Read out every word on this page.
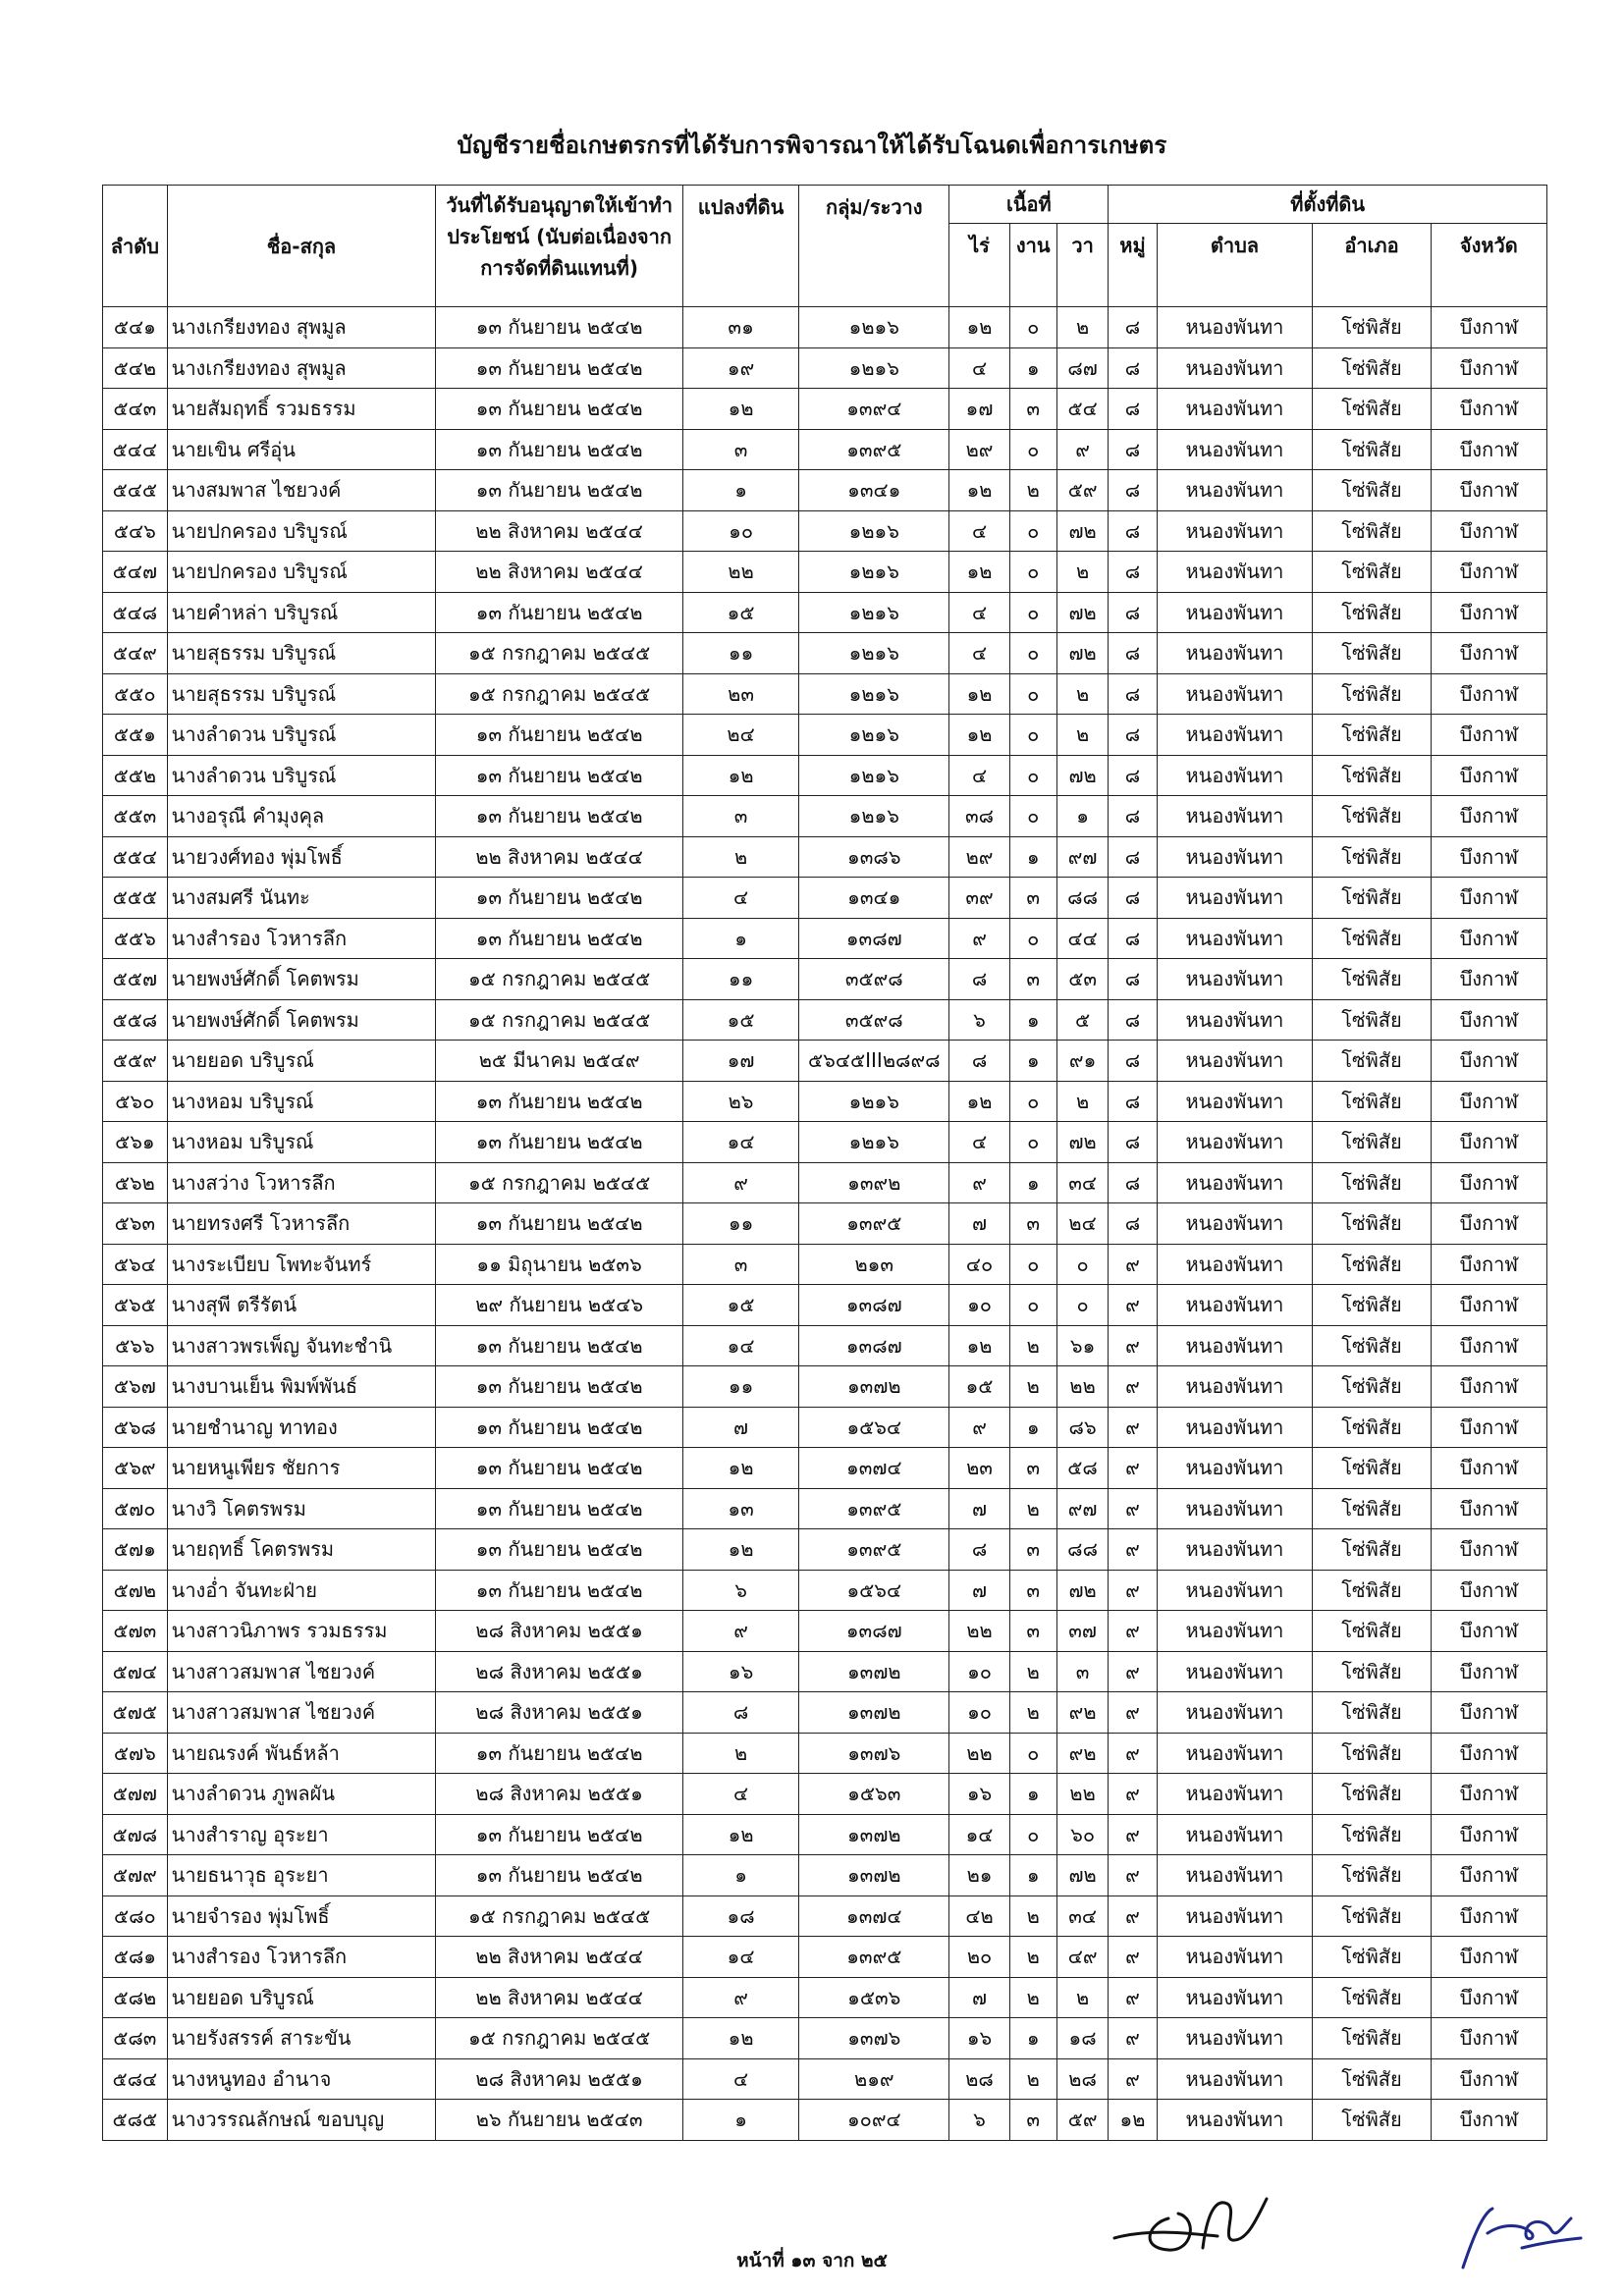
บัญชีรายชื่อเกษตรกรที่ได้รับการพิจารณาให้ได้รับโฉนดเพื่อการเกษตร
ลำดับ	ชื่อ-สกุล	วันที่ได้รับอนุญาตให้เข้าทำประโยชน์ (นับต่อเนื่องจากการจัดที่ดินแทนที่)	แปลงที่ดิน	กลุ่ม/ระวาง	เนื้อที่			ที่ตั้งที่ดิน			
					ไร่	งาน	วา	หมู่	ตำบล	อำเภอ	จังหวัด
๕๔๑	นางเกรียงทอง สุพมูล	๑๓ กันยายน ๒๕๔๒	๓๑	๑๒๑๖	๑๒	๐	๒	๘	หนองพันทา	โซ่พิสัย	บึงกาฬ
๕๔๒	นางเกรียงทอง สุพมูล	๑๓ กันยายน ๒๕๔๒	๑๙	๑๒๑๖	๔	๑	๘๗	๘	หนองพันทา	โซ่พิสัย	บึงกาฬ
๕๔๓	นายสัมฤทธิ์ รวมธรรม	๑๓ กันยายน ๒๕๔๒	๑๒	๑๓๙๔	๑๗	๓	๕๔	๘	หนองพันทา	โซ่พิสัย	บึงกาฬ
๕๔๔	นายเขิน ศรีอุ่น	๑๓ กันยายน ๒๕๔๒	๓	๑๓๙๕	๒๙	๐	๙	๘	หนองพันทา	โซ่พิสัย	บึงกาฬ
๕๔๕	นางสมพาส ไชยวงค์	๑๓ กันยายน ๒๕๔๒	๑	๑๓๔๑	๑๒	๒	๕๙	๘	หนองพันทา	โซ่พิสัย	บึงกาฬ
๕๔๖	นายปกครอง บริบูรณ์	๒๒ สิงหาคม ๒๕๔๔	๑๐	๑๒๑๖	๔	๐	๗๒	๘	หนองพันทา	โซ่พิสัย	บึงกาฬ
๕๔๗	นายปกครอง บริบูรณ์	๒๒ สิงหาคม ๒๕๔๔	๒๒	๑๒๑๖	๑๒	๐	๒	๘	หนองพันทา	โซ่พิสัย	บึงกาฬ
๕๔๘	นายคำหล่า บริบูรณ์	๑๓ กันยายน ๒๕๔๒	๑๕	๑๒๑๖	๔	๐	๗๒	๘	หนองพันทา	โซ่พิสัย	บึงกาฬ
๕๔๙	นายสุธรรม บริบูรณ์	๑๕ กรกฎาคม ๒๕๔๕	๑๑	๑๒๑๖	๔	๐	๗๒	๘	หนองพันทา	โซ่พิสัย	บึงกาฬ
๕๕๐	นายสุธรรม บริบูรณ์	๑๕ กรกฎาคม ๒๕๔๕	๒๓	๑๒๑๖	๑๒	๐	๒	๘	หนองพันทา	โซ่พิสัย	บึงกาฬ
๕๕๑	นางลำดวน บริบูรณ์	๑๓ กันยายน ๒๕๔๒	๒๔	๑๒๑๖	๑๒	๐	๒	๘	หนองพันทา	โซ่พิสัย	บึงกาฬ
๕๕๒	นางลำดวน บริบูรณ์	๑๓ กันยายน ๒๕๔๒	๑๒	๑๒๑๖	๔	๐	๗๒	๘	หนองพันทา	โซ่พิสัย	บึงกาฬ
๕๕๓	นางอรุณี คำมุงคุล	๑๓ กันยายน ๒๕๔๒	๓	๑๒๑๖	๓๘	๐	๑	๘	หนองพันทา	โซ่พิสัย	บึงกาฬ
๕๕๔	นายวงศ์ทอง พุ่มโพธิ์	๒๒ สิงหาคม ๒๕๔๔	๒	๑๓๘๖	๒๙	๑	๙๗	๘	หนองพันทา	โซ่พิสัย	บึงกาฬ
๕๕๕	นางสมศรี นันทะ	๑๓ กันยายน ๒๕๔๒	๔	๑๓๔๑	๓๙	๓	๘๘	๘	หนองพันทา	โซ่พิสัย	บึงกาฬ
๕๕๖	นางสำรอง โวหารลึก	๑๓ กันยายน ๒๕๔๒	๑	๑๓๘๗	๙	๐	๔๔	๘	หนองพันทา	โซ่พิสัย	บึงกาฬ
๕๕๗	นายพงษ์ศักดิ์ โคตพรม	๑๕ กรกฎาคม ๒๕๔๕	๑๑	๓๕๙๘	๘	๓	๕๓	๘	หนองพันทา	โซ่พิสัย	บึงกาฬ
๕๕๘	นายพงษ์ศักดิ์ โคตพรม	๑๕ กรกฎาคม ๒๕๔๕	๑๕	๓๕๙๘	๖	๑	๕	๘	หนองพันทา	โซ่พิสัย	บึงกาฬ
๕๕๙	นายยอด บริบูรณ์	๒๕ มีนาคม ๒๕๔๙	๑๗	๕๖๔๕III๒๘๙๘	๘	๑	๙๑	๘	หนองพันทา	โซ่พิสัย	บึงกาฬ
๕๖๐	นางหอม บริบูรณ์	๑๓ กันยายน ๒๕๔๒	๒๖	๑๒๑๖	๑๒	๐	๒	๘	หนองพันทา	โซ่พิสัย	บึงกาฬ
๕๖๑	นางหอม บริบูรณ์	๑๓ กันยายน ๒๕๔๒	๑๔	๑๒๑๖	๔	๐	๗๒	๘	หนองพันทา	โซ่พิสัย	บึงกาฬ
๕๖๒	นางสว่าง โวหารลึก	๑๕ กรกฎาคม ๒๕๔๕	๙	๑๓๙๒	๙	๑	๓๔	๘	หนองพันทา	โซ่พิสัย	บึงกาฬ
๕๖๓	นายทรงศรี โวหารลึก	๑๓ กันยายน ๒๕๔๒	๑๑	๑๓๙๕	๗	๓	๒๔	๘	หนองพันทา	โซ่พิสัย	บึงกาฬ
๕๖๔	นางระเบียบ โพทะจันทร์	๑๑ มิถุนายน ๒๕๓๖	๓	๒๑๓	๔๐	๐	๐	๙	หนองพันทา	โซ่พิสัย	บึงกาฬ
๕๖๕	นางสุพี ตรีรัตน์	๒๙ กันยายน ๒๕๔๖	๑๕	๑๓๘๗	๑๐	๐	๐	๙	หนองพันทา	โซ่พิสัย	บึงกาฬ
๕๖๖	นางสาวพรเพ็ญ จันทะชำนิ	๑๓ กันยายน ๒๕๔๒	๑๔	๑๓๘๗	๑๒	๒	๖๑	๙	หนองพันทา	โซ่พิสัย	บึงกาฬ
๕๖๗	นางบานเย็น พิมพ์พันธ์	๑๓ กันยายน ๒๕๔๒	๑๑	๑๓๗๒	๑๕	๒	๒๒	๙	หนองพันทา	โซ่พิสัย	บึงกาฬ
๕๖๘	นายชำนาญ ทาทอง	๑๓ กันยายน ๒๕๔๒	๗	๑๕๖๔	๙	๑	๘๖	๙	หนองพันทา	โซ่พิสัย	บึงกาฬ
๕๖๙	นายหนูเพียร ชัยการ	๑๓ กันยายน ๒๕๔๒	๑๒	๑๓๗๔	๒๓	๓	๕๘	๙	หนองพันทา	โซ่พิสัย	บึงกาฬ
๕๗๐	นางวิ โคตรพรม	๑๓ กันยายน ๒๕๔๒	๑๓	๑๓๙๕	๗	๒	๙๗	๙	หนองพันทา	โซ่พิสัย	บึงกาฬ
๕๗๑	นายฤทธิ์ โคตรพรม	๑๓ กันยายน ๒๕๔๒	๑๒	๑๓๙๕	๘	๓	๘๘	๙	หนองพันทา	โซ่พิสัย	บึงกาฬ
๕๗๒	นางอ่ำ จันทะฝ่าย	๑๓ กันยายน ๒๕๔๒	๖	๑๕๖๔	๗	๓	๗๒	๙	หนองพันทา	โซ่พิสัย	บึงกาฬ
๕๗๓	นางสาวนิภาพร รวมธรรม	๒๘ สิงหาคม ๒๕๕๑	๙	๑๓๘๗	๒๒	๓	๓๗	๙	หนองพันทา	โซ่พิสัย	บึงกาฬ
๕๗๔	นางสาวสมพาส ไชยวงค์	๒๘ สิงหาคม ๒๕๕๑	๑๖	๑๓๗๒	๑๐	๒	๓	๙	หนองพันทา	โซ่พิสัย	บึงกาฬ
๕๗๕	นางสาวสมพาส ไชยวงค์	๒๘ สิงหาคม ๒๕๕๑	๘	๑๓๗๒	๑๐	๒	๙๒	๙	หนองพันทา	โซ่พิสัย	บึงกาฬ
๕๗๖	นายณรงค์ พันธ์หล้า	๑๓ กันยายน ๒๕๔๒	๒	๑๓๗๖	๒๒	๐	๙๒	๙	หนองพันทา	โซ่พิสัย	บึงกาฬ
๕๗๗	นางลำดวน ภูพลผัน	๒๘ สิงหาคม ๒๕๕๑	๔	๑๕๖๓	๑๖	๑	๒๒	๙	หนองพันทา	โซ่พิสัย	บึงกาฬ
๕๗๘	นางสำราญ อุระยา	๑๓ กันยายน ๒๕๔๒	๑๒	๑๓๗๒	๑๔	๐	๖๐	๙	หนองพันทา	โซ่พิสัย	บึงกาฬ
๕๗๙	นายธนาวุธ อุระยา	๑๓ กันยายน ๒๕๔๒	๑	๑๓๗๒	๒๑	๑	๗๒	๙	หนองพันทา	โซ่พิสัย	บึงกาฬ
๕๘๐	นายจำรอง พุ่มโพธิ์	๑๕ กรกฎาคม ๒๕๔๕	๑๘	๑๓๗๔	๔๒	๒	๓๔	๙	หนองพันทา	โซ่พิสัย	บึงกาฬ
๕๘๑	นางสำรอง โวหารลึก	๒๒ สิงหาคม ๒๕๔๔	๑๔	๑๓๙๕	๒๐	๒	๔๙	๙	หนองพันทา	โซ่พิสัย	บึงกาฬ
๕๘๒	นายยอด บริบูรณ์	๒๒ สิงหาคม ๒๕๔๔	๙	๑๕๓๖	๗	๒	๒	๙	หนองพันทา	โซ่พิสัย	บึงกาฬ
๕๘๓	นายรังสรรค์ สาระขัน	๑๕ กรกฎาคม ๒๕๔๕	๑๒	๑๓๗๖	๑๖	๑	๑๘	๙	หนองพันทา	โซ่พิสัย	บึงกาฬ
๕๘๔	นางหนูทอง อำนาจ	๒๘ สิงหาคม ๒๕๕๑	๔	๒๑๙	๒๘	๒	๒๘	๙	หนองพันทา	โซ่พิสัย	บึงกาฬ
๕๘๕	นางวรรณลักษณ์ ขอบบุญ	๒๖ กันยายน ๒๕๔๓	๑	๑๐๙๔	๖	๓	๕๙	๑๒	หนองพันทา	โซ่พิสัย	บึงกาฬ
หน้าที่ ๑๓ จาก ๒๕
